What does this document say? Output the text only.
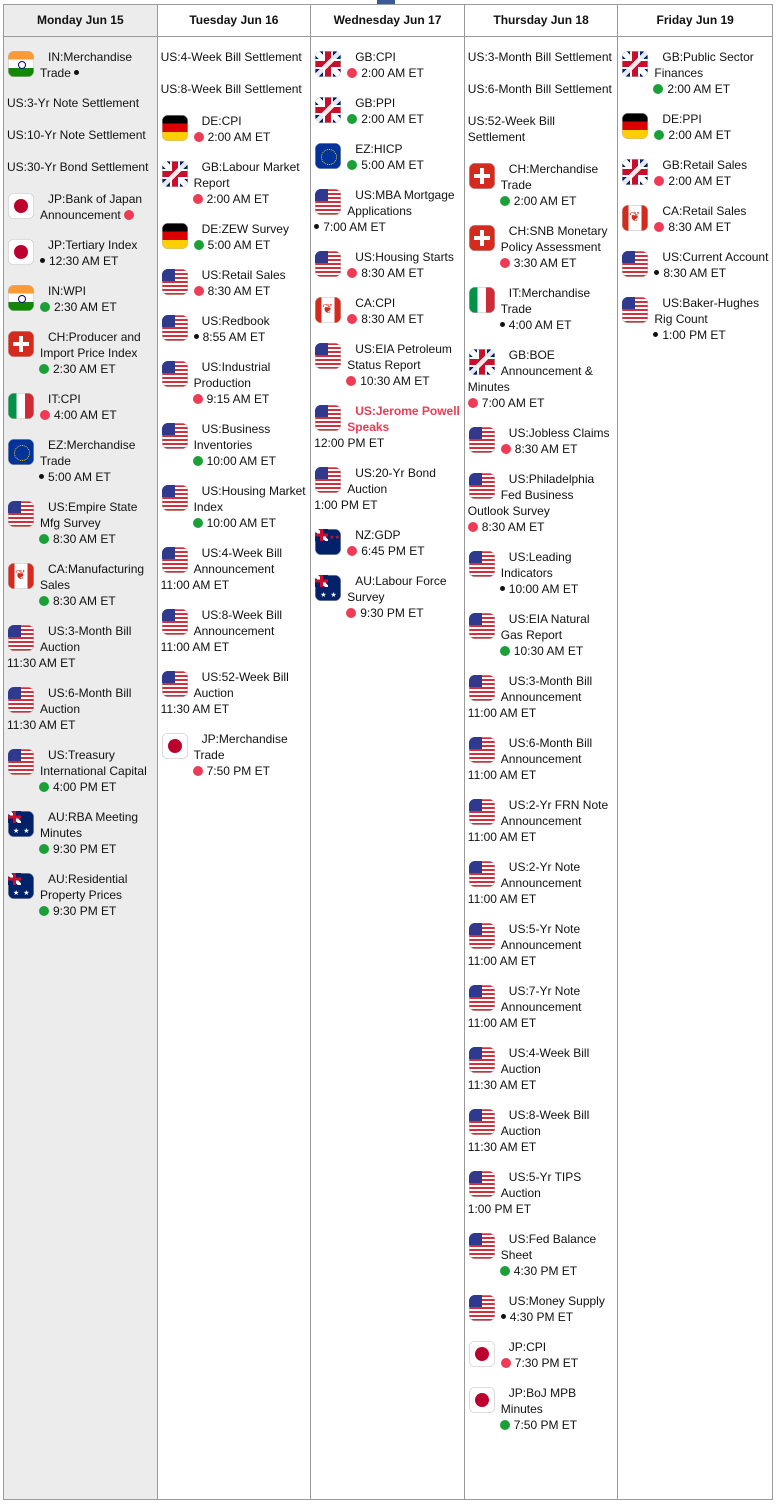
Monday Jun 15
IN:Merchandise Trade
US:3-Yr Note Settlement
US:10-Yr Note Settlement
US:30-Yr Bond Settlement
JP:Bank of Japan Announcement
JP:Tertiary Index
12:30 AM ET
IN:WPI
2:30 AM ET
CH:Producer and Import Price Index
2:30 AM ET
IT:CPI
4:00 AM ET
EZ:Merchandise Trade
5:00 AM ET
US:Empire State Mfg Survey
8:30 AM ET
❦
CA:Manufacturing Sales
8:30 AM ET
US:3-Month Bill Auction
11:30 AM ET
US:6-Month Bill Auction
11:30 AM ET
US:Treasury International Capital
4:00 PM ET
★ ★
AU:RBA Meeting Minutes
9:30 PM ET
★ ★
AU:Residential Property Prices
9:30 PM ET
Tuesday Jun 16
US:4-Week Bill Settlement
US:8-Week Bill Settlement
DE:CPI
2:00 AM ET
GB:Labour Market Report
2:00 AM ET
DE:ZEW Survey
5:00 AM ET
US:Retail Sales
8:30 AM ET
US:Redbook
8:55 AM ET
US:Industrial Production
9:15 AM ET
US:Business Inventories
10:00 AM ET
US:Housing Market Index
10:00 AM ET
US:4-Week Bill Announcement
11:00 AM ET
US:8-Week Bill Announcement
11:00 AM ET
US:52-Week Bill Auction
11:30 AM ET
JP:Merchandise Trade
7:50 PM ET
Wednesday Jun 17
GB:CPI
2:00 AM ET
GB:PPI
2:00 AM ET
EZ:HICP
5:00 AM ET
US:MBA Mortgage Applications
7:00 AM ET
US:Housing Starts
8:30 AM ET
❦
CA:CPI
8:30 AM ET
US:EIA Petroleum Status Report
10:30 AM ET
US:Jerome Powell Speaks
12:00 PM ET
US:20-Yr Bond Auction
1:00 PM ET
★★
NZ:GDP
6:45 PM ET
★ ★
AU:Labour Force Survey
9:30 PM ET
Thursday Jun 18
US:3-Month Bill Settlement
US:6-Month Bill Settlement
US:52-Week Bill Settlement
CH:Merchandise Trade
2:00 AM ET
CH:SNB Monetary Policy Assessment
3:30 AM ET
IT:Merchandise Trade
4:00 AM ET
GB:BOE Announcement & Minutes
7:00 AM ET
US:Jobless Claims
8:30 AM ET
US:Philadelphia Fed Business Outlook Survey
8:30 AM ET
US:Leading Indicators
10:00 AM ET
US:EIA Natural Gas Report
10:30 AM ET
US:3-Month Bill Announcement
11:00 AM ET
US:6-Month Bill Announcement
11:00 AM ET
US:2-Yr FRN Note Announcement
11:00 AM ET
US:2-Yr Note Announcement
11:00 AM ET
US:5-Yr Note Announcement
11:00 AM ET
US:7-Yr Note Announcement
11:00 AM ET
US:4-Week Bill Auction
11:30 AM ET
US:8-Week Bill Auction
11:30 AM ET
US:5-Yr TIPS Auction
1:00 PM ET
US:Fed Balance Sheet
4:30 PM ET
US:Money Supply
4:30 PM ET
JP:CPI
7:30 PM ET
JP:BoJ MPB Minutes
7:50 PM ET
Friday Jun 19
GB:Public Sector Finances
2:00 AM ET
DE:PPI
2:00 AM ET
GB:Retail Sales
2:00 AM ET
❦
CA:Retail Sales
8:30 AM ET
US:Current Account
8:30 AM ET
US:Baker-Hughes Rig Count
1:00 PM ET
